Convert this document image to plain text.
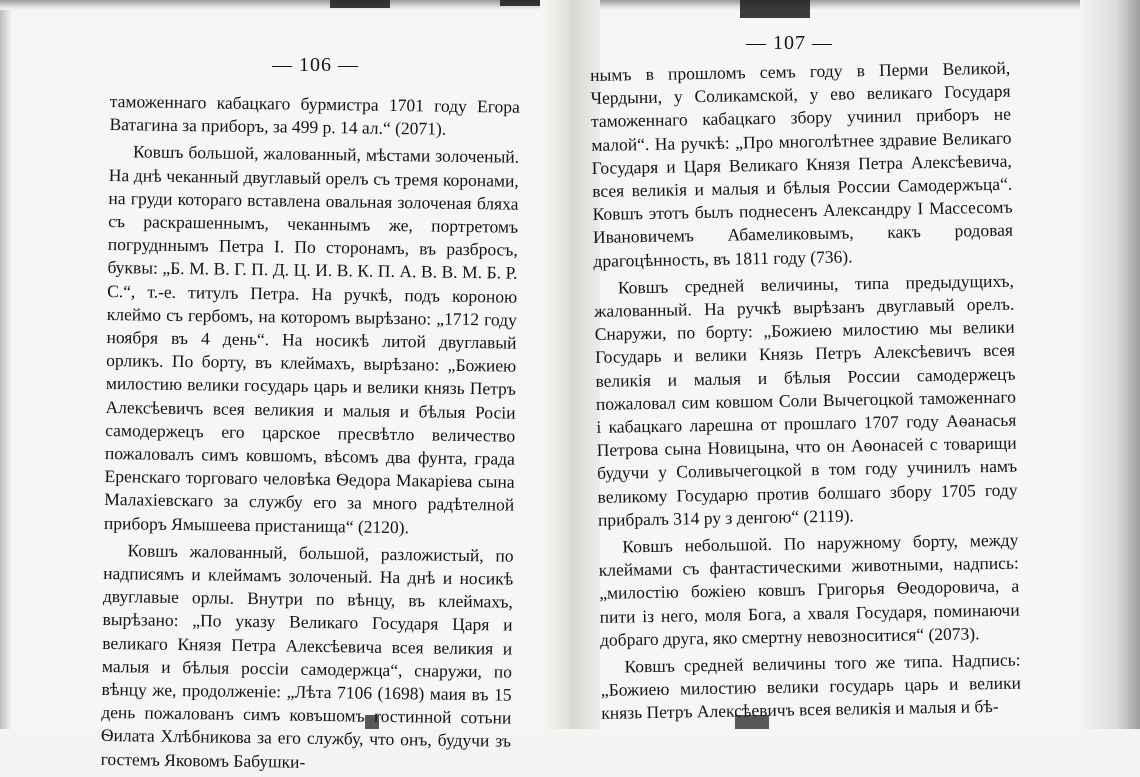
— 106 —
— 107 —

таможеннаго кабацкаго бурмистра 1701 году Егора Ватагина за приборъ, за 499 р. 14 ал.“ (2071).

Ковшъ большой, жалованный, мѣстами золоченый. На днѣ чеканный двуглавый орелъ съ тремя коронами, на груди котораго вставлена овальная золоченая бляха съ раскрашеннымъ, чеканнымъ же, портретомъ погрудннымъ Петра I. По сторонамъ, въ разбросъ, буквы: „Б. М. В. Г. П. Д. Ц. И. В. К. П. А. В. В. М. Б. Р. С.“, т.-е. титулъ Петра. На ручкѣ, подъ короною клеймо съ гербомъ, на которомъ вырѣзано: „1712 году ноября въ 4 день“. На носикѣ литой двуглавый орликъ. По борту, въ клеймахъ, вырѣзано: „Божиею милостию велики государь царь и велики князь Петръ Алексѣевичъ всея великия и малыя и бѣлыя Росiи самодержецъ его царское пресвѣтло величество пожаловалъ симъ ковшомъ, вѣсомъ два фунта, града Еренскаго торговаго человѣка Ѳедора Макаріева сына Малахіевскаго за службу его за много радѣтелной приборъ Ямышеева пристанища“ (2120).

Ковшъ жалованный, большой, разложистый, по надписямъ и клеймамъ золоченый. На днѣ и носикѣ двуглавые орлы. Внутри по вѣнцу, въ клеймахъ, вырѣзано: „По указу Великаго Государя Царя и великаго Князя Петра Алексѣевича всея великия и малыя и бѣлыя россіи самодержца“, снаружи, по вѣнцу же, продолженіе: „Лѣта 7106 (1698) маия въ 15 день пожалованъ симъ ковъшомъ гостинной сотьни Ѳилата Хлѣбникова за его службу, что онъ, будучи зъ гостемъ Яковомъ Бабушки-

нымъ в прошломъ семъ году в Перми Великой, Чердыни, у Соликамской, у ево великаго Государя таможеннаго кабацкаго збору учинил приборъ не малой“. На ручкѣ: „Про многолѣтнее здравие Великаго Государя и Царя Великаго Князя Петра Алексѣевича, всея великія и малыя и бѣлыя России Самодержъца“. Ковшъ этотъ былъ поднесенъ Александру I Массесомъ Ивановичемъ Абамеликовымъ, какъ родовая драгоцѣнность, въ 1811 году (736).

Ковшъ средней величины, типа предыдущихъ, жалованный. На ручкѣ вырѣзанъ двуглавый орелъ. Снаружи, по борту: „Божиею милостию мы велики Государь и велики Князь Петръ Алексѣевичъ всея великія и малыя и бѣлыя России самодержецъ пожаловал сим ковшом Соли Вычегоцкой таможеннаго і кабацкаго ларешна от прошлаго 1707 году Аѳанасья Петрова сына Новицына, что он Аѳонасей с товарищи будучи у Соливычегоцкой в том году учинилъ намъ великому Государю против болшаго збору 1705 году прибралъ 314 ру з денгою“ (2119).

Ковшъ небольшой. По наружному борту, между клеймами съ фантастическими животными, надпись: „милостію божіею ковшъ Григорья Ѳеодоровича, а пити із него, моля Бога, а хваля Государя, поминаючи добраго друга, яко смертну невозноситися“ (2073).

Ковшъ средней величины того же типа. Надпись: „Божиею милостию велики государь царь и велики князь Петръ Алексѣевичъ всея великія и малыя и бѣ-
